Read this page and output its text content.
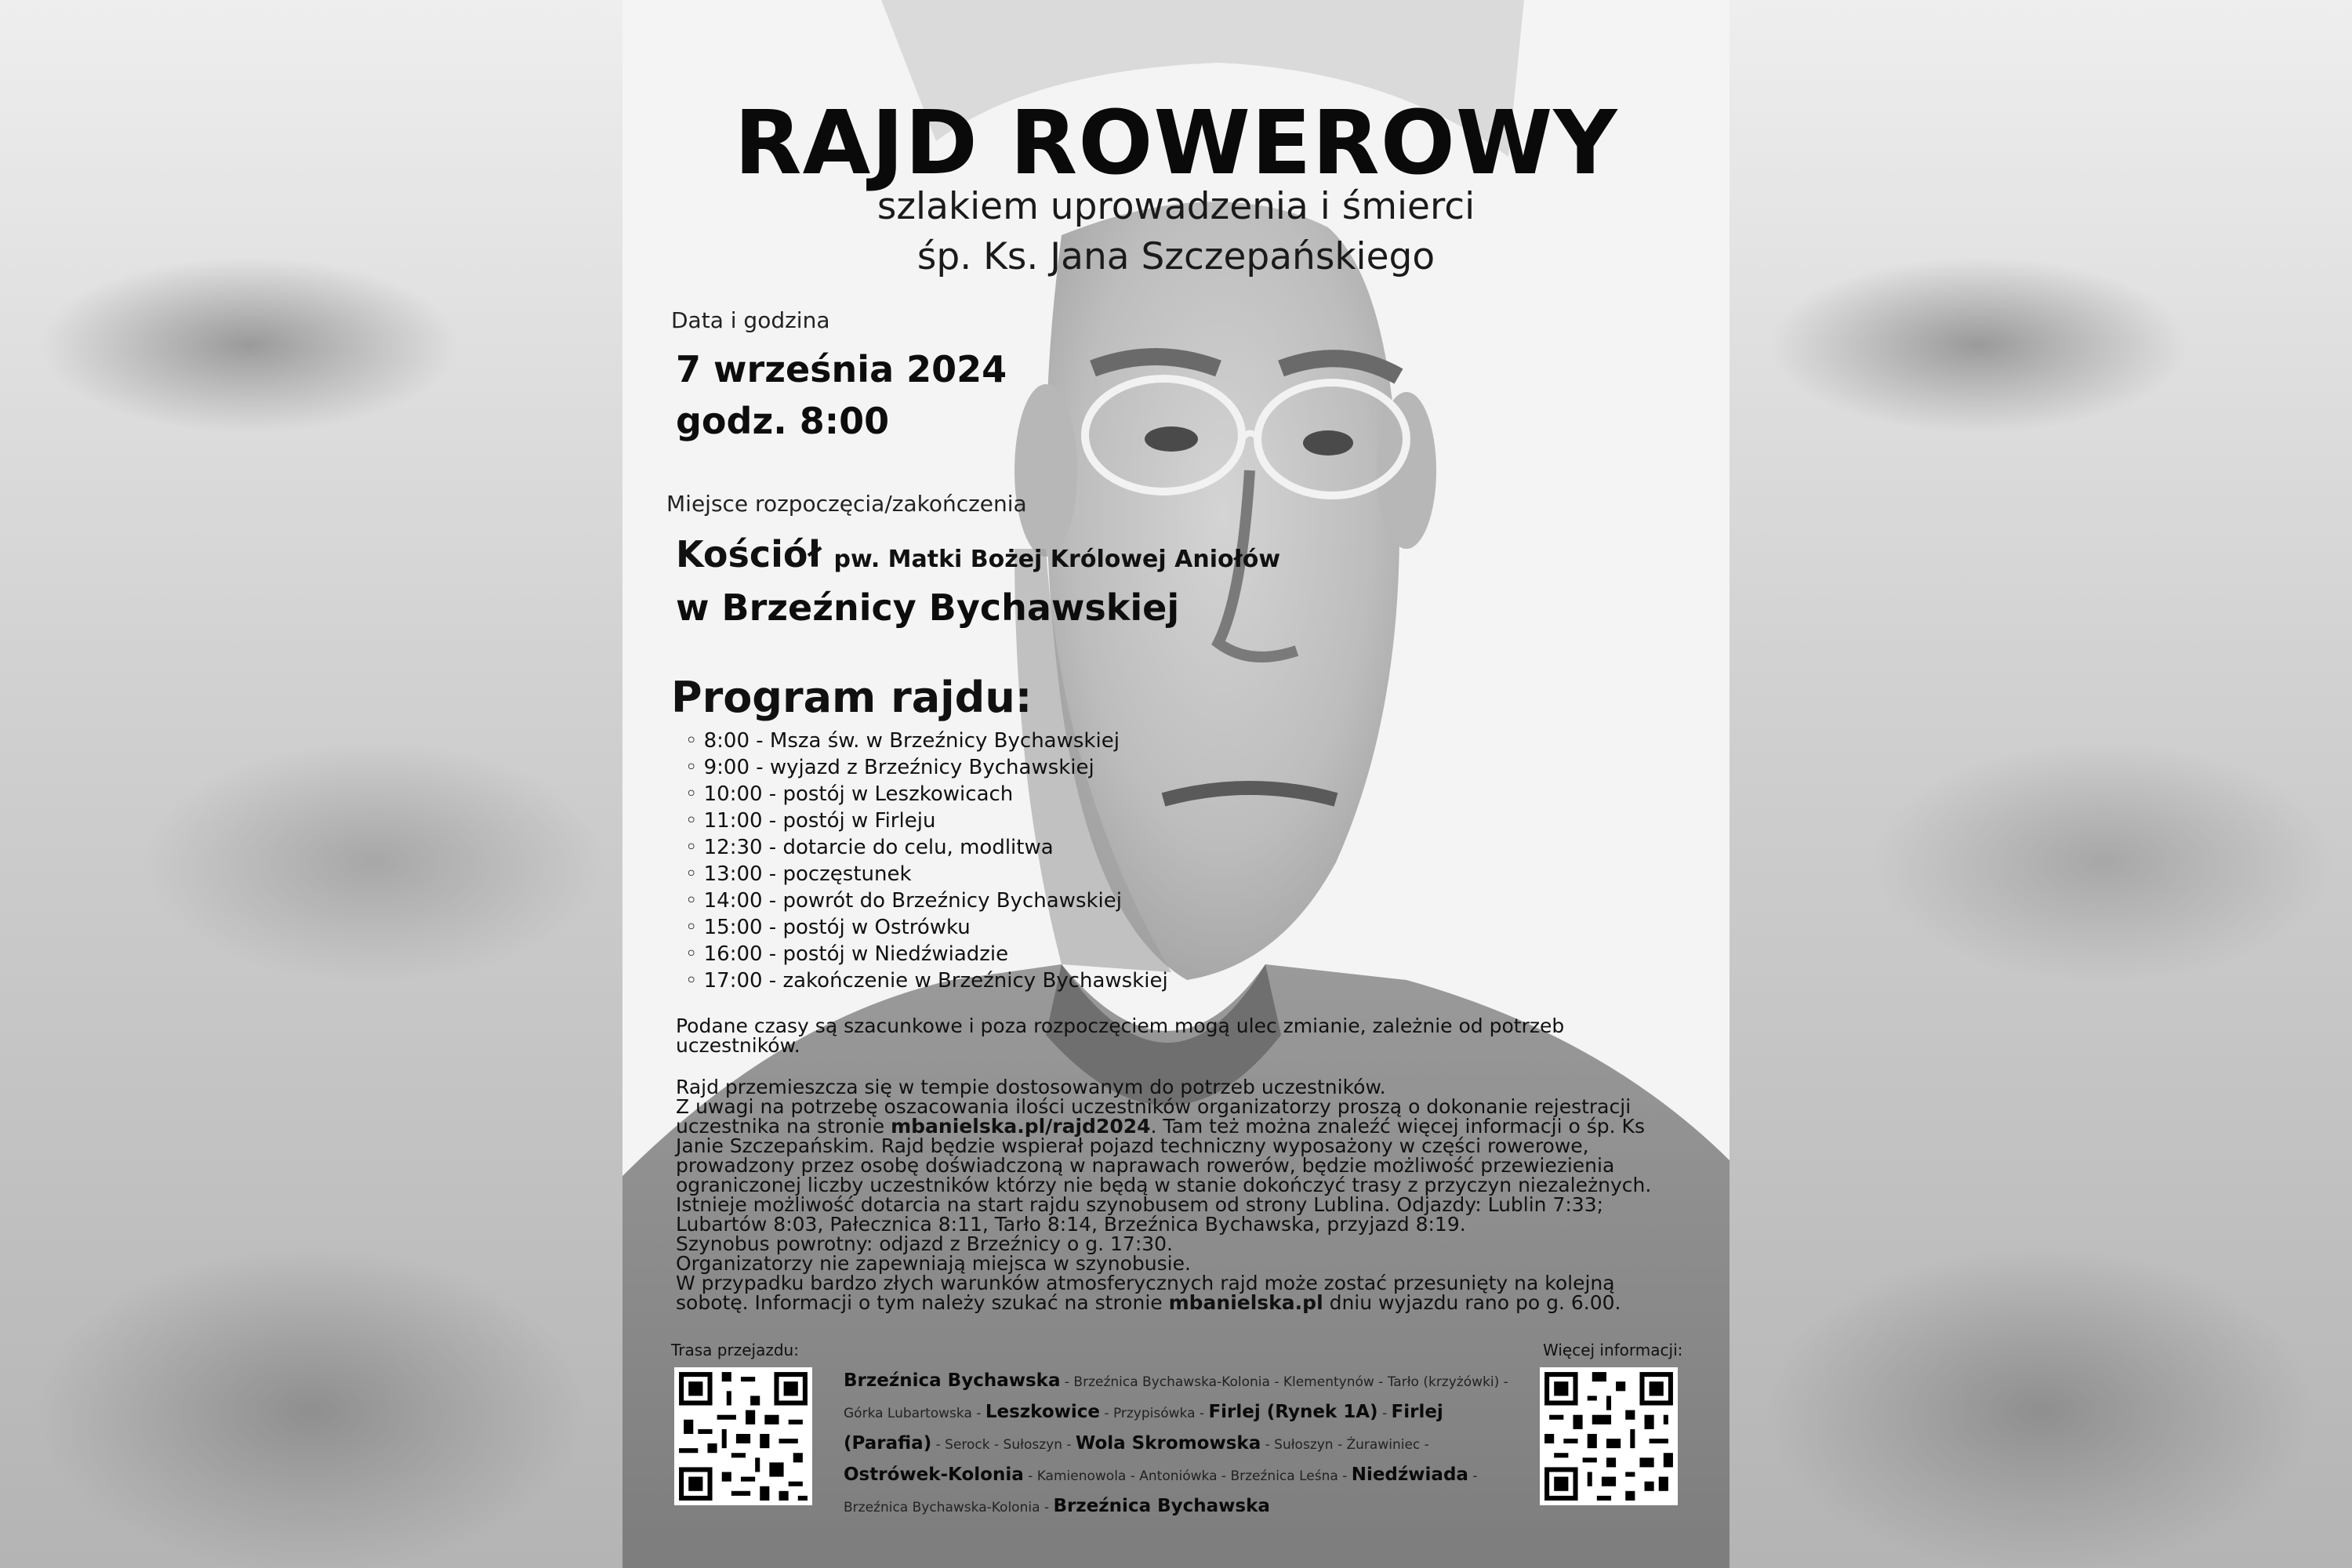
RAJD ROWEROWY
szlakiem uprowadzenia i śmierci
śp. Ks. Jana Szczepańskiego
Data i godzina
7 września 2024
godz. 8:00
Miejsce rozpoczęcia/zakończenia
Kościół pw. Matki Bożej Królowej Aniołów
w Brzeźnicy Bychawskiej
Program rajdu:
◦ 8:00 - Msza św. w Brzeźnicy Bychawskiej
◦ 9:00 - wyjazd z Brzeźnicy Bychawskiej
◦ 10:00 - postój w Leszkowicach
◦ 11:00 - postój w Firleju
◦ 12:30 - dotarcie do celu, modlitwa
◦ 13:00 - poczęstunek
◦ 14:00 - powrót do Brzeźnicy Bychawskiej
◦ 15:00 - postój w Ostrówku
◦ 16:00 - postój w Niedźwiadzie
◦ 17:00 - zakończenie w Brzeźnicy Bychawskiej
Podane czasy są szacunkowe i poza rozpoczęciem mogą ulec zmianie, zależnie od potrzeb uczestników.
Rajd przemieszcza się w tempie dostosowanym do potrzeb uczestników.
Z uwagi na potrzebę oszacowania ilości uczestników organizatorzy proszą o dokonanie rejestracji uczestnika na stronie mbanielska.pl/rajd2024. Tam też można znaleźć więcej informacji o śp. Ks Janie Szczepańskim. Rajd będzie wspierał pojazd techniczny wyposażony w części rowerowe, prowadzony przez osobę doświadczoną w naprawach rowerów, będzie możliwość przewiezienia ograniczonej liczby uczestników którzy nie będą w stanie dokończyć trasy z przyczyn niezależnych.
Istnieje możliwość dotarcia na start rajdu szynobusem od strony Lublina. Odjazdy: Lublin 7:33; Lubartów 8:03, Pałecznica 8:11, Tarło 8:14, Brzeźnica Bychawska, przyjazd 8:19.
Szynobus powrotny: odjazd z Brzeźnicy o g. 17:30.
Organizatorzy nie zapewniają miejsca w szynobusie.
W przypadku bardzo złych warunków atmosferycznych rajd może zostać przesunięty na kolejną sobotę. Informacji o tym należy szukać na stronie mbanielska.pl dniu wyjazdu rano po g. 6.00.
Trasa przejazdu:
Brzeźnica Bychawska - Brzeźnica Bychawska-Kolonia - Klementynów - Tarło (krzyżówki) - Górka Lubartowska - Leszkowice - Przypisówka - Firlej (Rynek 1A) - Firlej (Parafia) - Serock - Sułoszyn - Wola Skromowska - Sułoszyn - Żurawiniec - Ostrówek-Kolonia - Kamienowola - Antoniówka - Brzeźnica Leśna - Niedźwiada - Brzeźnica Bychawska-Kolonia - Brzeźnica Bychawska
Więcej informacji:
